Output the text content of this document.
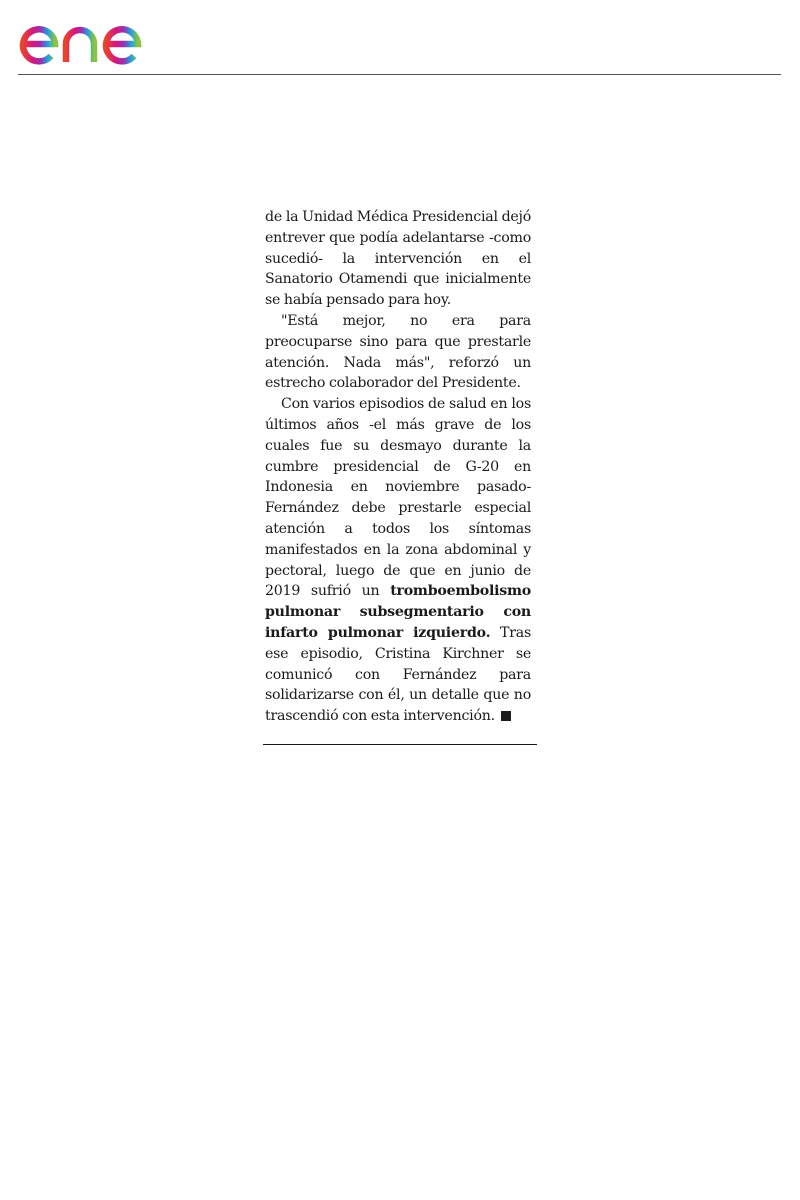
de la Unidad Médica Presidencial dejó entrever que podía adelantarse -como sucedió- la intervención en el Sanatorio Otamendi que inicialmente se había pensado para hoy.

"Está mejor, no era para preocuparse sino para que prestarle atención. Nada más", reforzó un estrecho colaborador del Presidente.

Con varios episodios de salud en los últimos años -el más grave de los cuales fue su desmayo durante la cumbre presidencial de G-20 en Indonesia en noviembre pasado- Fernández debe prestarle especial atención a todos los síntomas manifestados en la zona abdominal y pectoral, luego de que en junio de 2019 sufrió un tromboembolismo pulmonar subsegmentario con infarto pulmonar izquierdo. Tras ese episodio, Cristina Kirchner se comunicó con Fernández para solidarizarse con él, un detalle que no trascendió con esta intervención.
